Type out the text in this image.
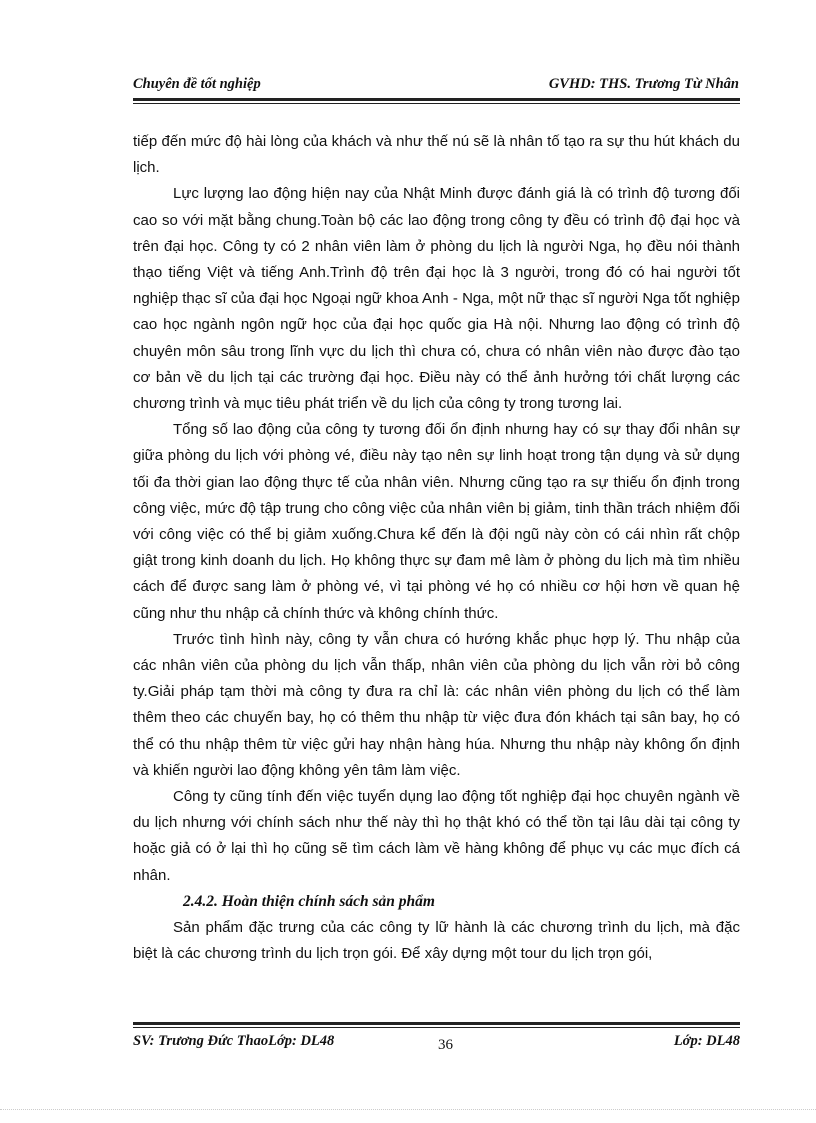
Chuyên đề tốt nghiệp	GVHD: THS. Trương Từ Nhân

tiếp đến mức độ hài lòng của khách và như thế nú sẽ là nhân tố tạo ra sự thu hút khách du lịch.

Lực lượng lao động hiện nay của Nhật Minh được đánh giá là có trình độ tương đối cao so với mặt bằng chung.Toàn bộ các lao động trong công ty đều có trình độ đại học và trên đại học. Công ty có 2 nhân viên làm ở phòng du lịch là người Nga, họ đều nói thành thạo tiếng Việt và tiếng Anh.Trình độ trên đại học là 3 người, trong đó có hai người tốt nghiệp thạc sĩ của đại học Ngoại ngữ khoa Anh - Nga, một nữ thạc sĩ người Nga tốt nghiệp cao học ngành ngôn ngữ học của đại học quốc gia Hà nội. Nhưng lao động có trình độ chuyên môn sâu trong lĩnh vực du lịch thì chưa có, chưa có nhân viên nào được đào tạo cơ bản về du lịch tại các trường đại học. Điều này có thể ảnh hưởng tới chất lượng các chương trình và mục tiêu phát triển về du lịch của công ty trong tương lai.

Tổng số lao động của công ty tương đối ổn định nhưng hay có sự thay đổi nhân sự giữa phòng du lịch với phòng vé, điều này tạo nên sự linh hoạt trong tận dụng và sử dụng tối đa thời gian lao động thực tế của nhân viên. Nhưng cũng tạo ra sự thiếu ổn định trong công việc, mức độ tập trung cho công việc của nhân viên bị giảm, tinh thần trách nhiệm đối với công việc có thể bị giảm xuống.Chưa kể đến là đội ngũ này còn có cái nhìn rất chộp giật trong kinh doanh du lịch. Họ không thực sự đam mê làm ở phòng du lịch mà tìm nhiều cách để được sang làm ở phòng vé, vì tại phòng vé họ có nhiều cơ hội hơn về quan hệ cũng như thu nhập cả chính thức và không chính thức.

Trước tình hình này, công ty vẫn chưa có hướng khắc phục hợp lý. Thu nhập của các nhân viên của phòng du lịch vẫn thấp, nhân viên của phòng du lịch vẫn rời bỏ công ty.Giải pháp tạm thời mà công ty đưa ra chỉ là: các nhân viên phòng du lịch có thể làm thêm theo các chuyến bay, họ có thêm thu nhập từ việc đưa đón khách tại sân bay, họ có thể có thu nhập thêm từ việc gửi hay nhận hàng húa. Nhưng thu nhập này không ổn định và khiến người lao động không yên tâm làm việc.

Công ty cũng tính đến việc tuyển dụng lao động tốt nghiệp đại học chuyên ngành về du lịch nhưng với chính sách như thế này thì họ thật khó có thể tồn tại lâu dài tại công ty hoặc giả có ở lại thì họ cũng sẽ tìm cách làm về hàng không để phục vụ các mục đích cá nhân.

2.4.2. Hoàn thiện chính sách sản phẩm

Sản phẩm đặc trưng của các công ty lữ hành là các chương trình du lịch, mà đặc biệt là các chương trình du lịch trọn gói. Để xây dựng một tour du lịch trọn gói,

SV: Trương Đức ThaoLớp: DL48	36	Lớp: DL48
